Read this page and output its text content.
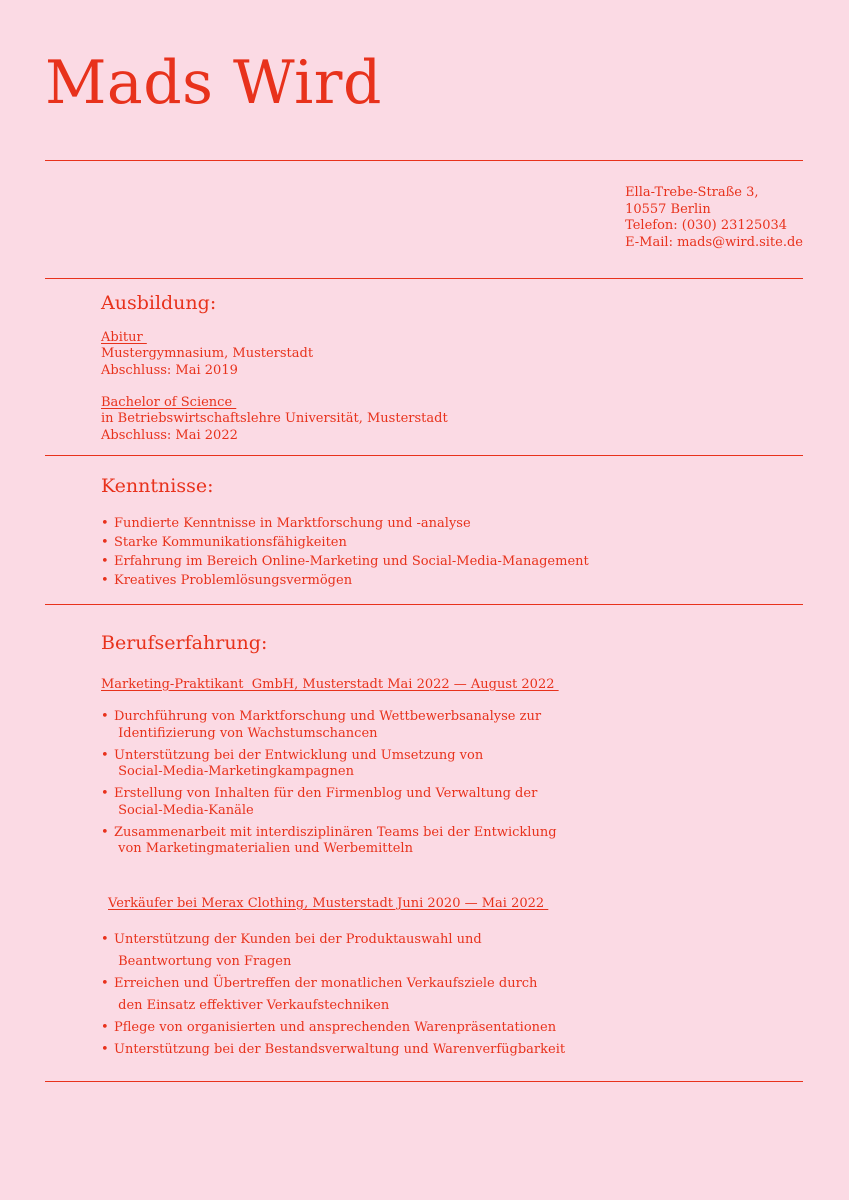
Mads Wird
Ella-Trebe-Straße 3,
10557 Berlin
Telefon: (030) 23125034
E-Mail: mads@wird.site.de
Ausbildung:
Abitur
Mustergymnasium, Musterstadt
Abschluss: Mai 2019
Bachelor of Science
in Betriebswirtschaftslehre Universität, Musterstadt
Abschluss: Mai 2022
Kenntnisse:
• Fundierte Kenntnisse in Marktforschung und -analyse
• Starke Kommunikationsfähigkeiten
• Erfahrung im Bereich Online-Marketing und Social-Media-Management
• Kreatives Problemlösungsvermögen
Berufserfahrung:
Marketing-Praktikant  GmbH, Musterstadt Mai 2022 — August 2022
• Durchführung von Marktforschung und Wettbewerbsanalyse zur
Identifizierung von Wachstumschancen
• Unterstützung bei der Entwicklung und Umsetzung von
Social-Media-Marketingkampagnen
• Erstellung von Inhalten für den Firmenblog und Verwaltung der
Social-Media-Kanäle
• Zusammenarbeit mit interdisziplinären Teams bei der Entwicklung
von Marketingmaterialien und Werbemitteln
Verkäufer bei Merax Clothing, Musterstadt Juni 2020 — Mai 2022
• Unterstützung der Kunden bei der Produktauswahl und
Beantwortung von Fragen
• Erreichen und Übertreffen der monatlichen Verkaufsziele durch
den Einsatz effektiver Verkaufstechniken
• Pflege von organisierten und ansprechenden Warenpräsentationen
• Unterstützung bei der Bestandsverwaltung und Warenverfügbarkeit
